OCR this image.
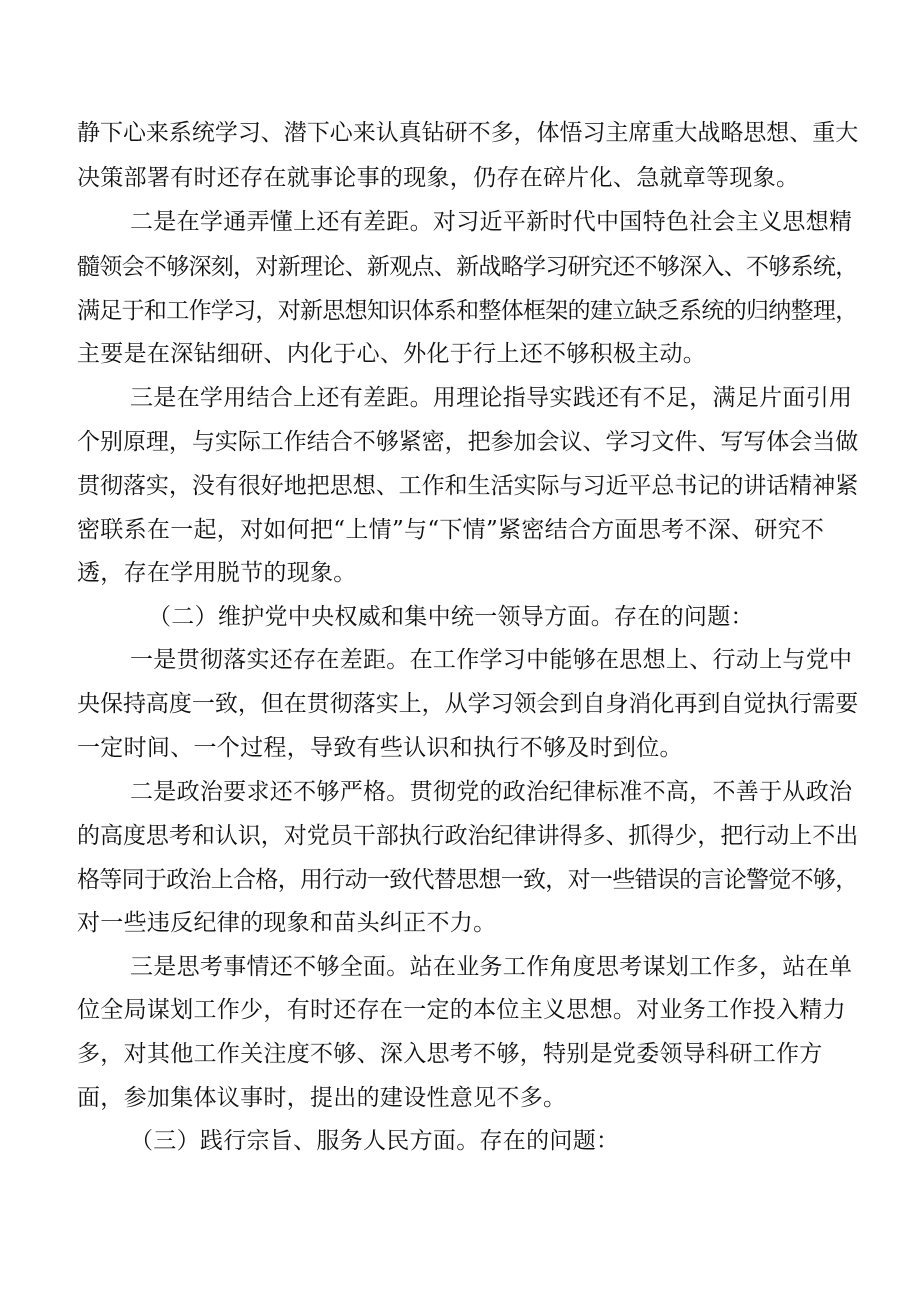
静下心来系统学习、潜下心来认真钻研不多，体悟习主席重大战略思想、重大

决策部署有时还存在就事论事的现象，仍存在碎片化、急就章等现象。

二是在学通弄懂上还有差距。对习近平新时代中国特色社会主义思想精

髓领会不够深刻，对新理论、新观点、新战略学习研究还不够深入、不够系统，

满足于和工作学习，对新思想知识体系和整体框架的建立缺乏系统的归纳整理，

主要是在深钻细研、内化于心、外化于行上还不够积极主动。

三是在学用结合上还有差距。用理论指导实践还有不足，满足片面引用

个别原理，与实际工作结合不够紧密，把参加会议、学习文件、写写体会当做

贯彻落实，没有很好地把思想、工作和生活实际与习近平总书记的讲话精神紧

密联系在一起，对如何把“上情”与“下情”紧密结合方面思考不深、研究不

透，存在学用脱节的现象。

（二）维护党中央权威和集中统一领导方面。存在的问题：

一是贯彻落实还存在差距。在工作学习中能够在思想上、行动上与党中

央保持高度一致，但在贯彻落实上，从学习领会到自身消化再到自觉执行需要

一定时间、一个过程，导致有些认识和执行不够及时到位。

二是政治要求还不够严格。贯彻党的政治纪律标准不高，不善于从政治

的高度思考和认识，对党员干部执行政治纪律讲得多、抓得少，把行动上不出

格等同于政治上合格，用行动一致代替思想一致，对一些错误的言论警觉不够，

对一些违反纪律的现象和苗头纠正不力。

三是思考事情还不够全面。站在业务工作角度思考谋划工作多，站在单

位全局谋划工作少，有时还存在一定的本位主义思想。对业务工作投入精力

多，对其他工作关注度不够、深入思考不够，特别是党委领导科研工作方

面，参加集体议事时，提出的建设性意见不多。

（三）践行宗旨、服务人民方面。存在的问题：
